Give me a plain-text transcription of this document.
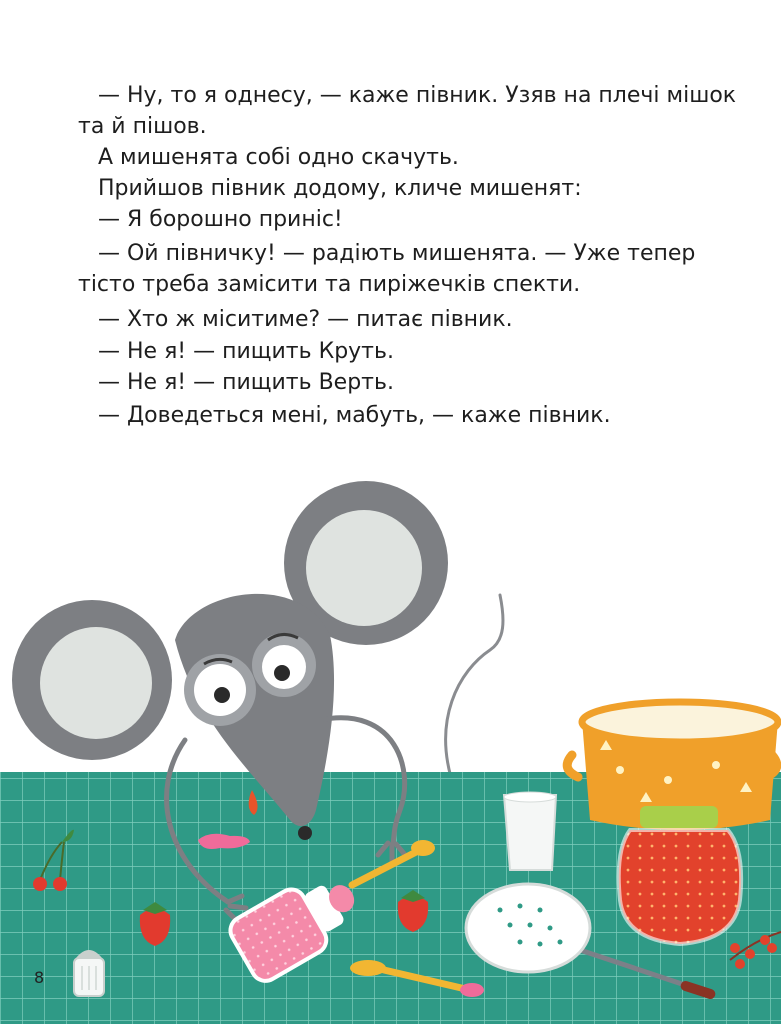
— Ну, то я однесу, — каже півник. Узяв на плечі мішок
та й пішов.
А мишенята собі одно скачуть.
Прийшов півник додому, кличе мишенят:
— Я борошно приніс!
— Ой півничку! — радіють мишенята. — Уже тепер
тісто треба замісити та пиріжечків спекти.
— Хто ж міситиме? — питає півник.
— Не я! — пищить Круть.
— Не я! — пищить Верть.
— Доведеться мені, мабуть, — каже півник.
8
